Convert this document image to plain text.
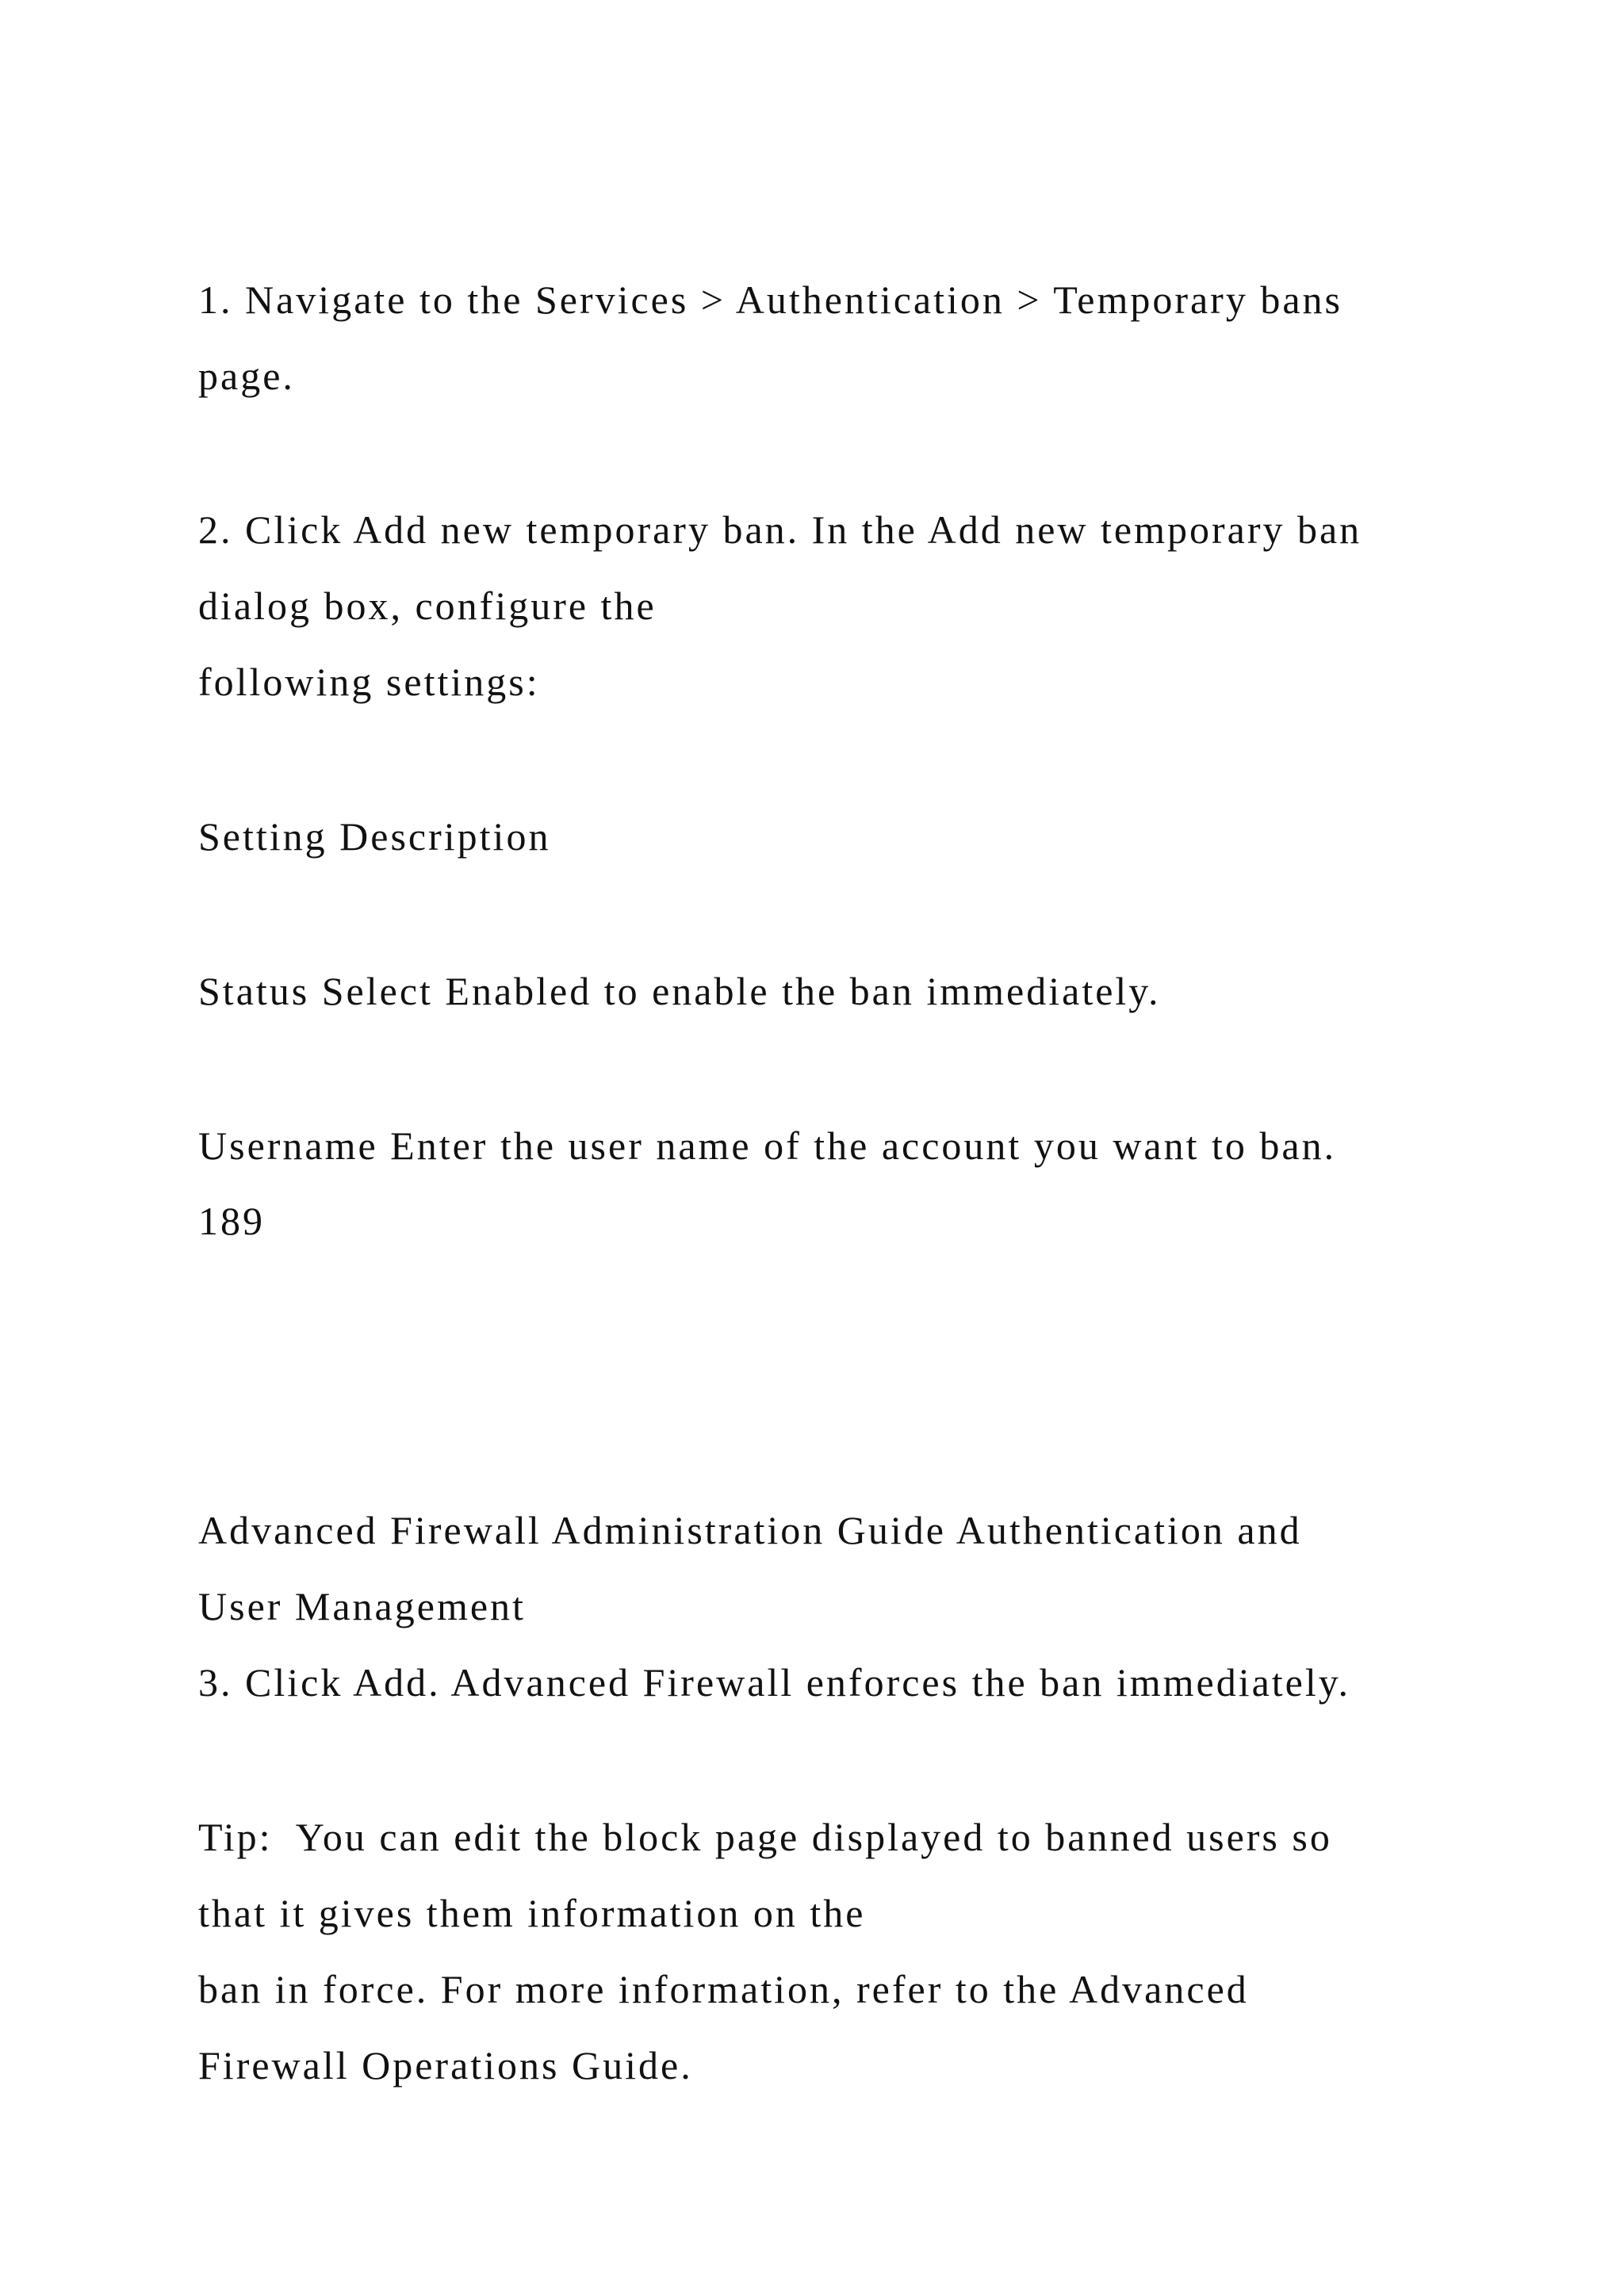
1. Navigate to the Services > Authentication > Temporary bans

page.

2. Click Add new temporary ban. In the Add new temporary ban

dialog box, configure the

following settings:

Setting Description

Status Select Enabled to enable the ban immediately.

Username Enter the user name of the account you want to ban.

189

Advanced Firewall Administration Guide Authentication and

User Management

3. Click Add. Advanced Firewall enforces the ban immediately.

Tip:  You can edit the block page displayed to banned users so

that it gives them information on the

ban in force. For more information, refer to the Advanced

Firewall Operations Guide.
